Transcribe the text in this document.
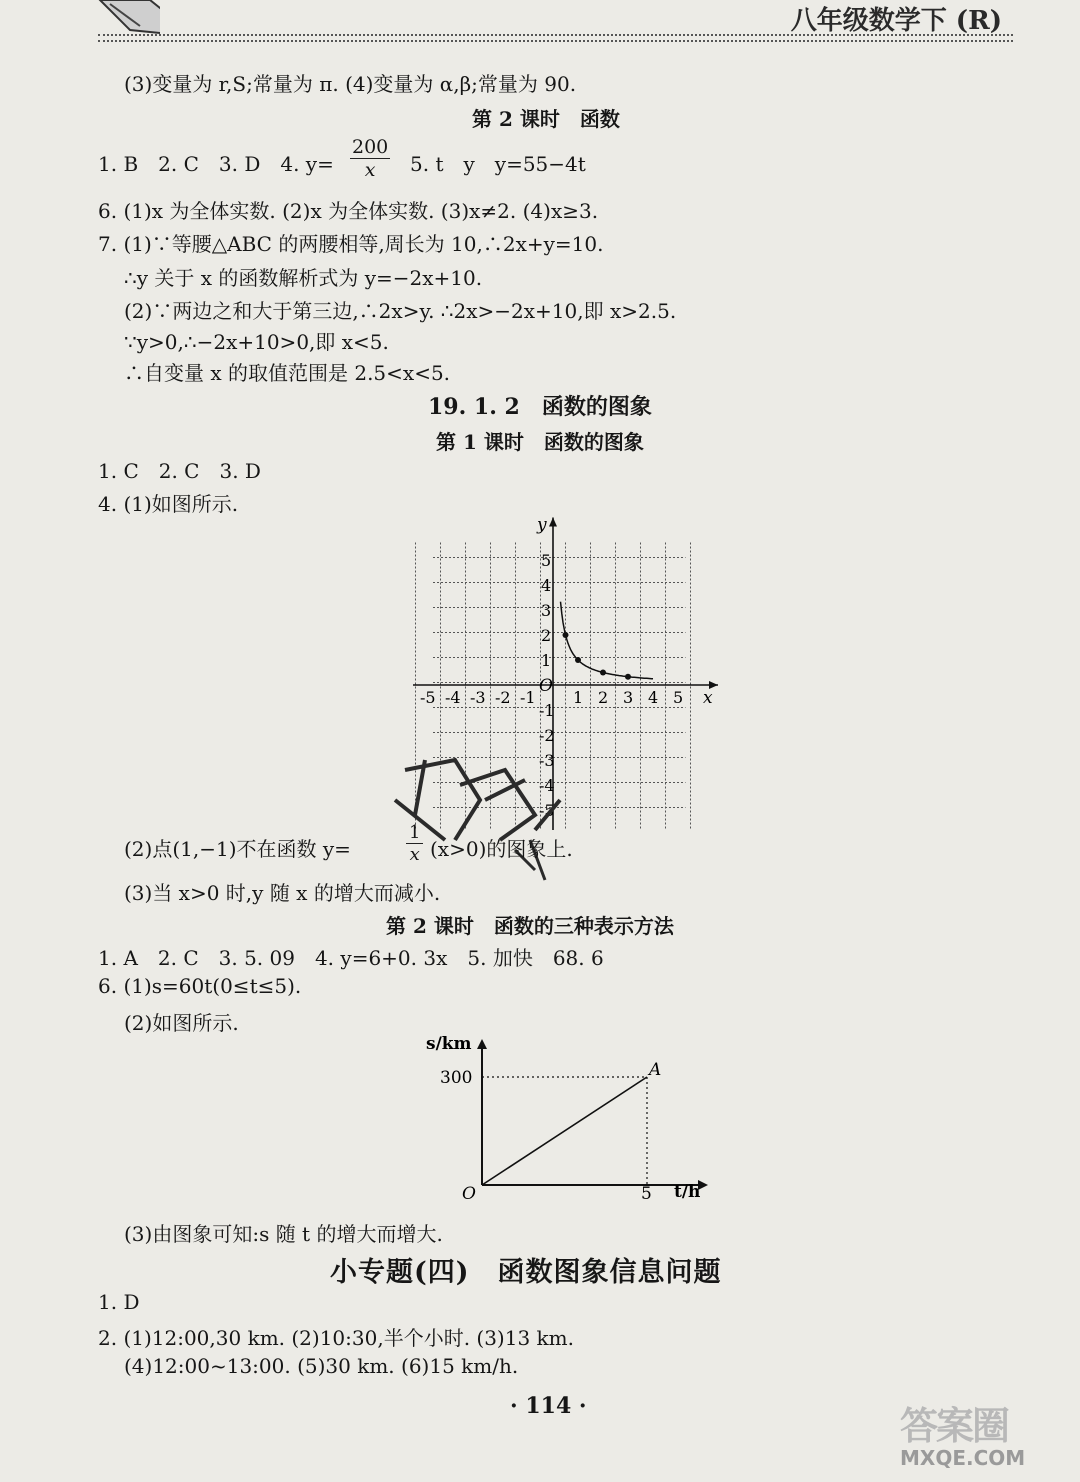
八年级数学下 (R)
(3)变量为 r,S;常量为 π. (4)变量为 α,β;常量为 90.
第 2 课时　函数
1. B　2. C　3. D　4. $y= \frac{200}{x} 5$. t　y　y=55−4t
6. (1)x 为全体实数. (2)x 为全体实数. (3)x≠2. (4)x≥3.
7. (1)∵等腰△ABC 的两腰相等,周长为 10,∴2x+y=10.
∴y 关于 x 的函数解析式为 y=−2x+10.
(2)∵两边之和大于第三边,∴2x>y. ∴2x>−2x+10,即 x>2.5.
∵y>0,∴−2x+10>0,即 x<5.
∴自变量 x 的取值范围是 2.5<x<5.
19. 1. 2　函数的图象
第 1 课时　函数的图象
1. C　2. C　3. D
4. (1)如图所示.
x
y
O
-5 -4 -3 -2 -1 1 2 3 4 5
5
4
3
2
1
-1
-2
-3
-4
-5
(2)点(1,−1)不在函数 y=	$\frac{1}{x} (x>0)$的图象上.
(3)当 x>0 时,y 随 x 的增大而减小.
第 2 课时　函数的三种表示方法
1. A　2. C　3. 5. 09　4. y=6+0. 3x　5. 加快　68. 6
6. (1)s=60t(0≤t≤5).
(2)如图所示.
s/km
t/h
300
5
O
A
(3)由图象可知:s 随 t 的增大而增大.
小专题(四)　函数图象信息问题
1. D
2. (1)12:00,30 km. (2)10:30,半个小时. (3)13 km.
(4)12:00~13:00. (5)30 km. (6)15 km/h.
· 114 ·	答案圈
MXQE.COM
